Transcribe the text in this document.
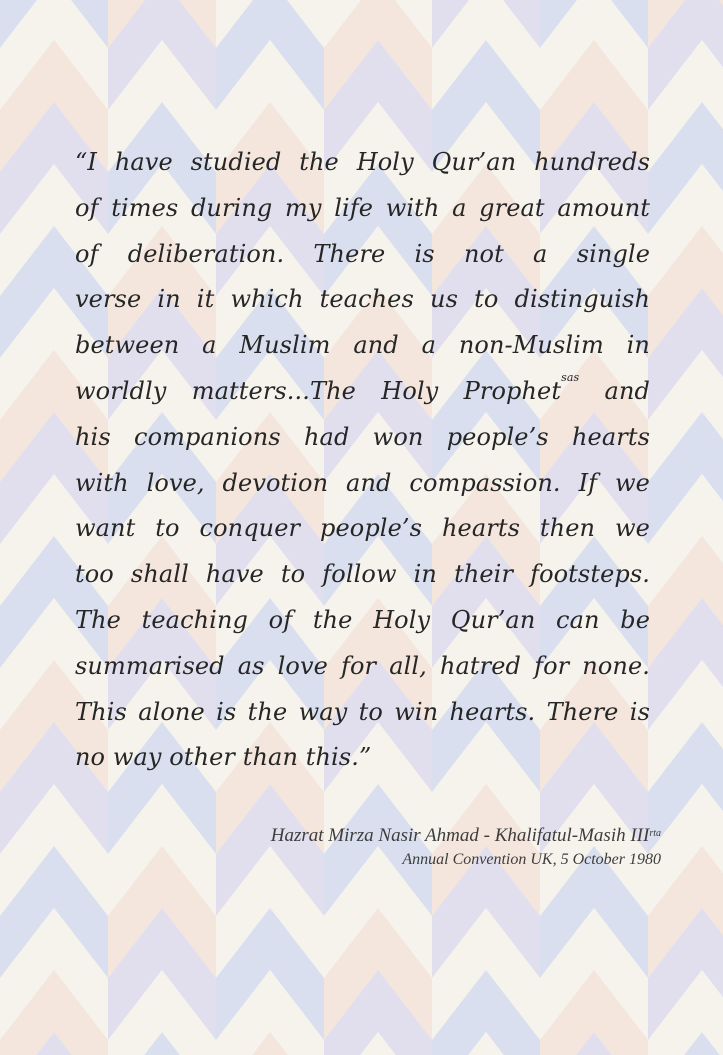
“I have studied the Holy Qur’an hundreds
of times during my life with a great amount
of deliberation. There is not a single
verse in it which teaches us to distinguish
between a Muslim and a non-Muslim in
worldly matters...The Holy Prophet$^{sas}$ and
his companions had won people’s hearts
with love, devotion and compassion. If we
want to conquer people’s hearts then we
too shall have to follow in their footsteps.
The teaching of the Holy Qur’an can be
summarised as love for all, hatred for none.
This alone is the way to win hearts. There is
no way other than this.”
Hazrat Mirza Nasir Ahmad - Khalifatul-Masih $III^{rta}$
Annual Convention UK, 5 October 1980
